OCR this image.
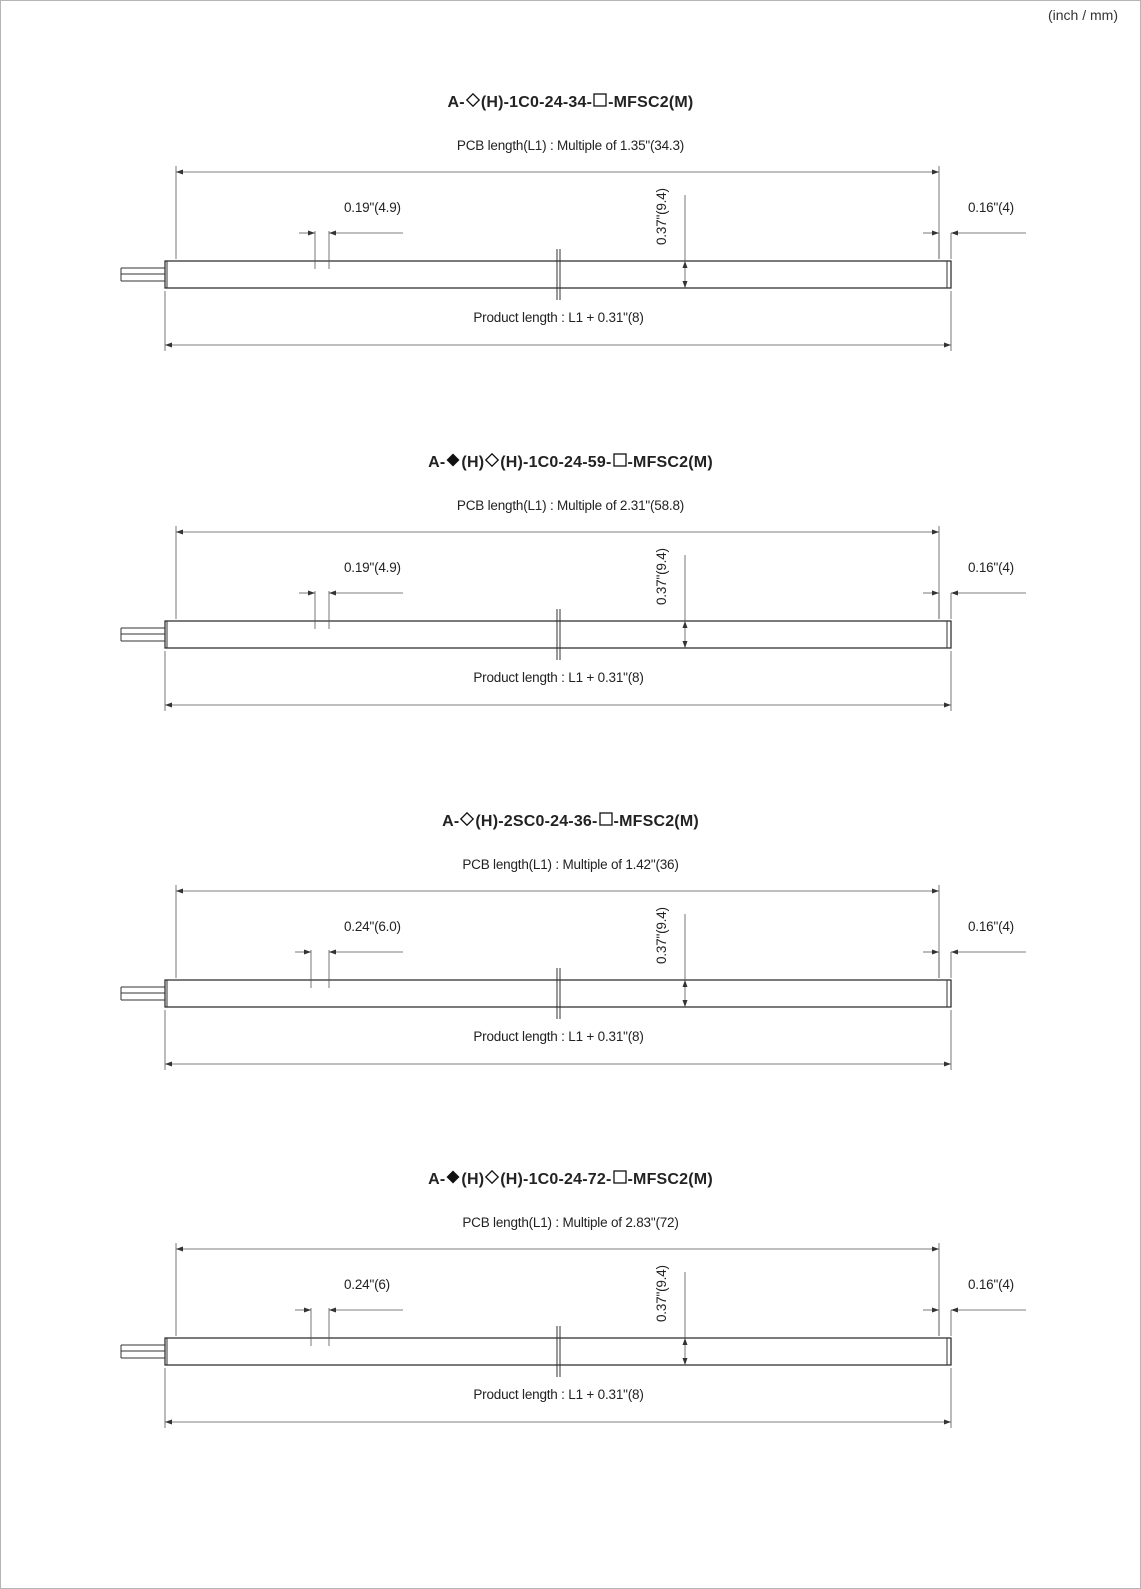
(inch / mm)
A- (H)-1C0-24-34- -MFSC2(M)
PCB length(L1) : Multiple of 1.35"(34.3)
0.19"(4.9)	0.37"(9.4)	0.16"(4)
Product length : L1 + 0.31"(8)
A- (H) (H)-1C0-24-59- -MFSC2(M)
PCB length(L1) : Multiple of 2.31"(58.8)
0.19"(4.9)	0.37"(9.4)	0.16"(4)
Product length : L1 + 0.31"(8)
A- (H)-2SC0-24-36- -MFSC2(M)
PCB length(L1) : Multiple of 1.42"(36)
0.24"(6.0)	0.37"(9.4)	0.16"(4)
Product length : L1 + 0.31"(8)
A- (H) (H)-1C0-24-72- -MFSC2(M)
PCB length(L1) : Multiple of 2.83"(72)
0.24"(6)	0.37"(9.4)	0.16"(4)
Product length : L1 + 0.31"(8)
